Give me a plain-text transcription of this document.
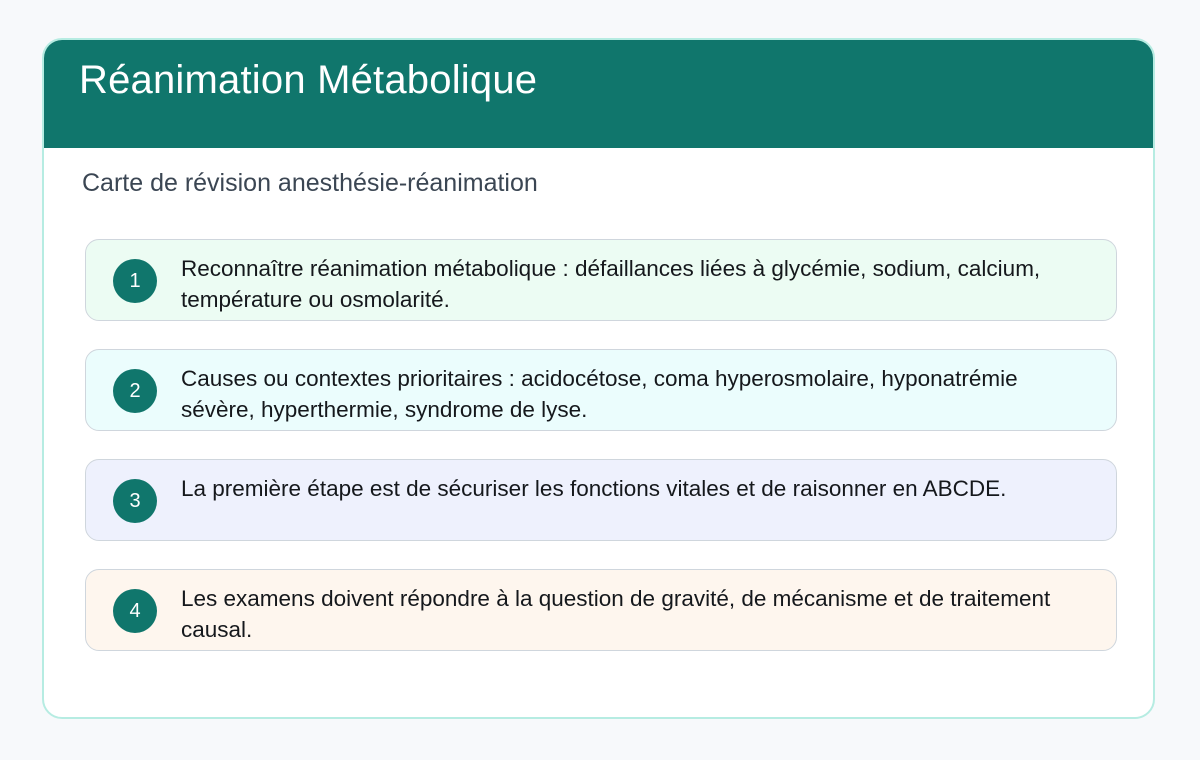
Réanimation Métabolique
Carte de révision anesthésie-réanimation
1	Reconnaître réanimation métabolique : défaillances liées à glycémie, sodium, calcium, température ou osmolarité.
2	Causes ou contextes prioritaires : acidocétose, coma hyperosmolaire, hyponatrémie sévère, hyperthermie, syndrome de lyse.
3	La première étape est de sécuriser les fonctions vitales et de raisonner en ABCDE.
4	Les examens doivent répondre à la question de gravité, de mécanisme et de traitement causal.
